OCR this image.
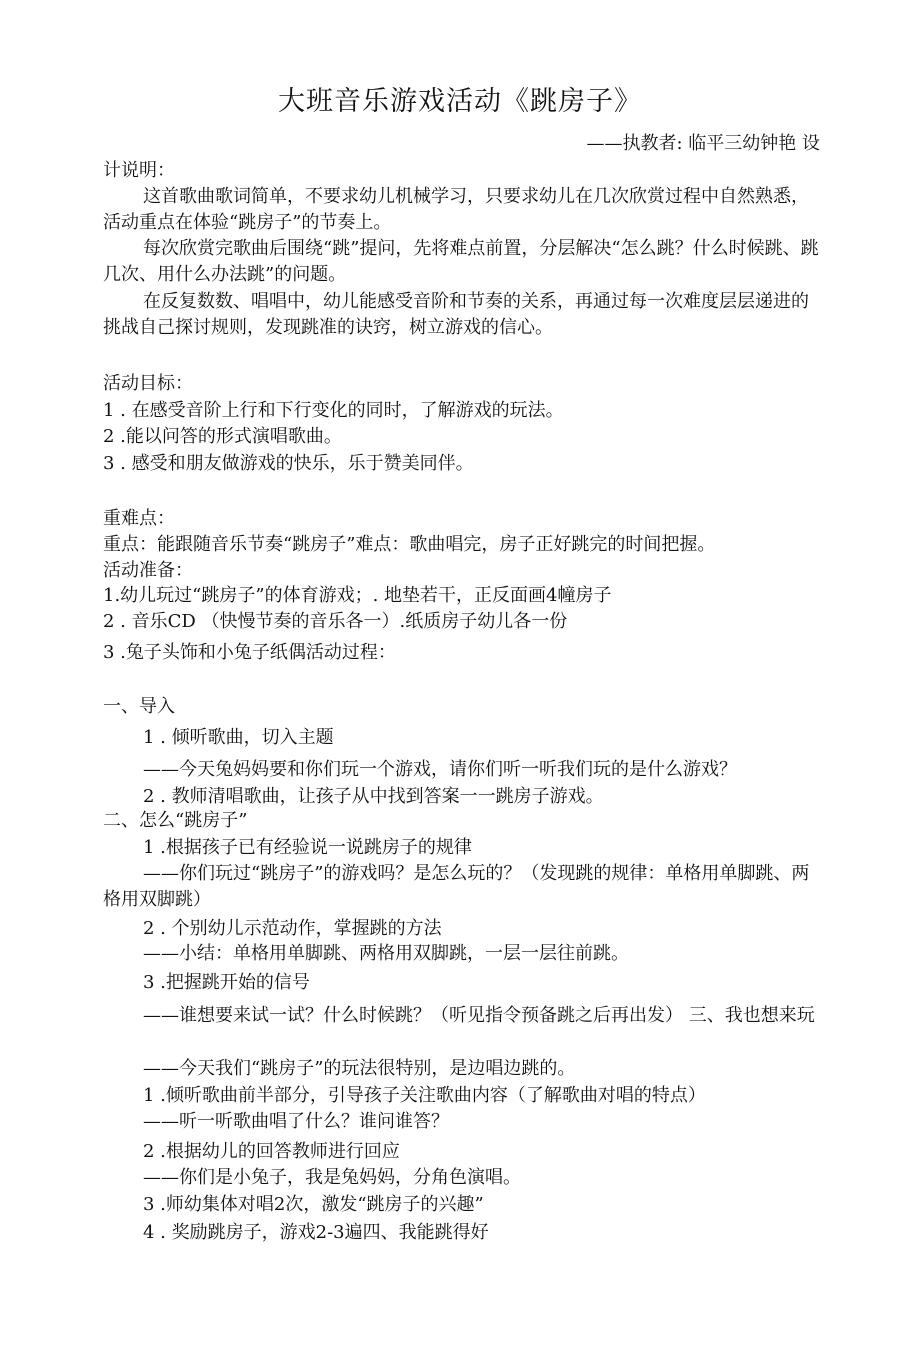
大班音乐游戏活动《跳房子》
——执教者: 临平三幼钟艳 设

计说明：

这首歌曲歌词简单，不要求幼儿机械学习，只要求幼儿在几次欣赏过程中自然熟悉，活动重点在体验“跳房子”的节奏上。

每次欣赏完歌曲后围绕“跳”提问，先将难点前置，分层解决“怎么跳？什么时候跳、跳几次、用什么办法跳”的问题。

在反复数数、唱唱中，幼儿能感受音阶和节奏的关系，再通过每一次难度层层递进的挑战自己探讨规则，发现跳准的诀窍，树立游戏的信心。

活动目标：

1 . 在感受音阶上行和下行变化的同时，了解游戏的玩法。

2 .能以问答的形式演唱歌曲。

3 . 感受和朋友做游戏的快乐，乐于赞美同伴。

重难点：

重点：能跟随音乐节奏“跳房子”难点：歌曲唱完，房子正好跳完的时间把握。

活动准备：

1.幼儿玩过“跳房子”的体育游戏；. 地垫若干，正反面画4幢房子

2 . 音乐CD （快慢节奏的音乐各一）.纸质房子幼儿各一份

3 .兔子头饰和小兔子纸偶活动过程：

一、导入

1 . 倾听歌曲，切入主题

——今天兔妈妈要和你们玩一个游戏，请你们听一听我们玩的是什么游戏？

2 . 教师清唱歌曲，让孩子从中找到答案一一跳房子游戏。

二、怎么“跳房子”

1 .根据孩子已有经验说一说跳房子的规律

——你们玩过“跳房子”的游戏吗？是怎么玩的？（发现跳的规律：单格用单脚跳、两格用双脚跳）

2 . 个别幼儿示范动作，掌握跳的方法

——小结：单格用单脚跳、两格用双脚跳，一层一层往前跳。

3 .把握跳开始的信号

——谁想要来试一试？什么时候跳？（听见指令预备跳之后再出发） 三、我也想来玩

——今天我们“跳房子”的玩法很特别，是边唱边跳的。

1 .倾听歌曲前半部分，引导孩子关注歌曲内容（了解歌曲对唱的特点）

——听一听歌曲唱了什么？谁问谁答？

2 .根据幼儿的回答教师进行回应

——你们是小兔子，我是兔妈妈，分角色演唱。

3 .师幼集体对唱2次，激发“跳房子的兴趣”

4 . 奖励跳房子，游戏2-3遍四、我能跳得好
